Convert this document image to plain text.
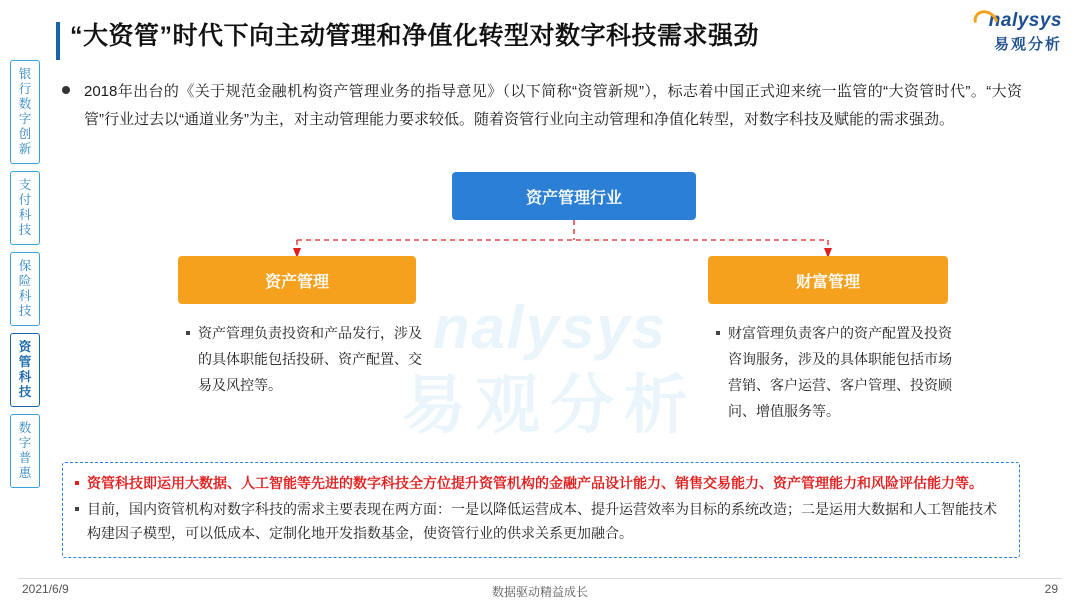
nalysys
易观分析
银
行
数
字
创
新
支
付
科
技
保
险
科
技
资
管
科
技
数
字
普
惠
“大资管”时代下向主动管理和净值化转型对数字科技需求强劲
nalysys
易观分析
2018年出台的《关于规范金融机构资产管理业务的指导意见》（以下简称“资管新规”），标志着中国正式迎来统一监管的“大资管时代”。“大资管”行业过去以“通道业务”为主，对主动管理能力要求较低。随着资管行业向主动管理和净值化转型，对数字科技及赋能的需求强劲。
资产管理行业
资产管理	财富管理
资产管理负责投资和产品发行，涉及的具体职能包括投研、资产配置、交易及风控等。
财富管理负责客户的资产配置及投资咨询服务，涉及的具体职能包括市场营销、客户运营、客户管理、投资顾问、增值服务等。
资管科技即运用大数据、人工智能等先进的数字科技全方位提升资管机构的金融产品设计能力、销售交易能力、资产管理能力和风险评估能力等。
目前，国内资管机构对数字科技的需求主要表现在两方面：一是以降低运营成本、提升运营效率为目标的系统改造；二是运用大数据和人工智能技术构建因子模型，可以低成本、定制化地开发指数基金，使资管行业的供求关系更加融合。
2021/6/9	数据驱动精益成长	29
